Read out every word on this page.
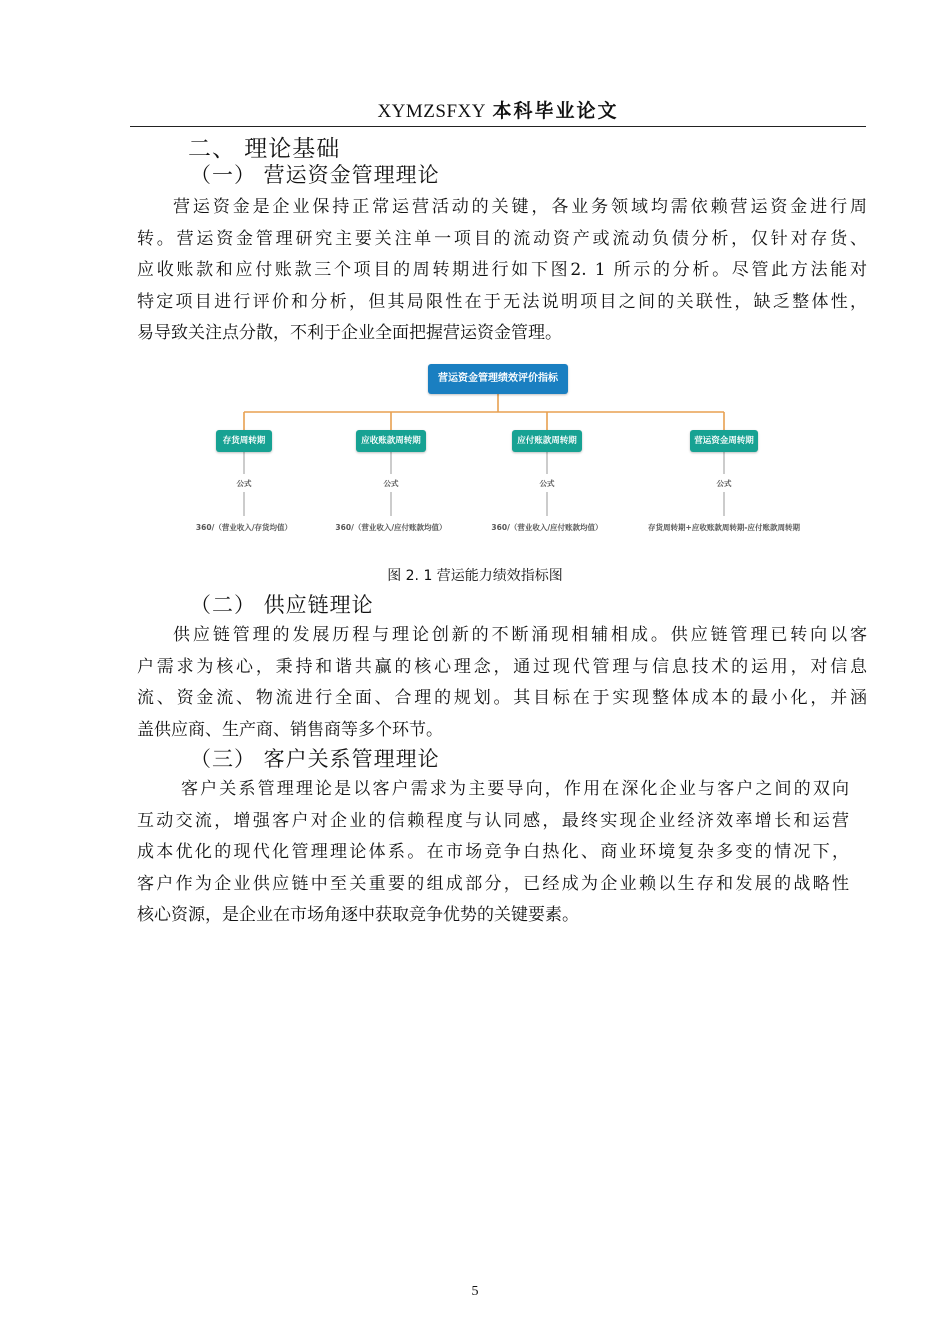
XYMZSFXY 本科毕业论文
二、 理论基础
（一） 营运资金管理理论
营运资金是企业保持正常运营活动的关键，各业务领域均需依赖营运资金进行周
转。营运资金管理研究主要关注单一项目的流动资产或流动负债分析，仅针对存货、
应收账款和应付账款三个项目的周转期进行如下图2. 1 所示的分析。尽管此方法能对
特定项目进行评价和分析，但其局限性在于无法说明项目之间的关联性，缺乏整体性，
易导致关注点分散，不利于企业全面把握营运资金管理。
营运资金管理绩效评价指标
存货周转期	应收账款周转期	应付账款周转期	营运资金周转期
公式	公式	公式	公式
360/（营业收入/存货均值）	360/（营业收入/应付账款均值）	360/（营业收入/应付账款均值）	存货周转期+应收账款周转期-应付账款周转期
图 2. 1 营运能力绩效指标图
（二） 供应链理论
供应链管理的发展历程与理论创新的不断涌现相辅相成。供应链管理已转向以客
户需求为核心，秉持和谐共赢的核心理念，通过现代管理与信息技术的运用，对信息
流、资金流、物流进行全面、合理的规划。其目标在于实现整体成本的最小化，并涵
盖供应商、生产商、销售商等多个环节。
（三） 客户关系管理理论
客户关系管理理论是以客户需求为主要导向，作用在深化企业与客户之间的双向
互动交流，增强客户对企业的信赖程度与认同感，最终实现企业经济效率增长和运营
成本优化的现代化管理理论体系。在市场竞争白热化、商业环境复杂多变的情况下，
客户作为企业供应链中至关重要的组成部分，已经成为企业赖以生存和发展的战略性
核心资源，是企业在市场角逐中获取竞争优势的关键要素。
5
